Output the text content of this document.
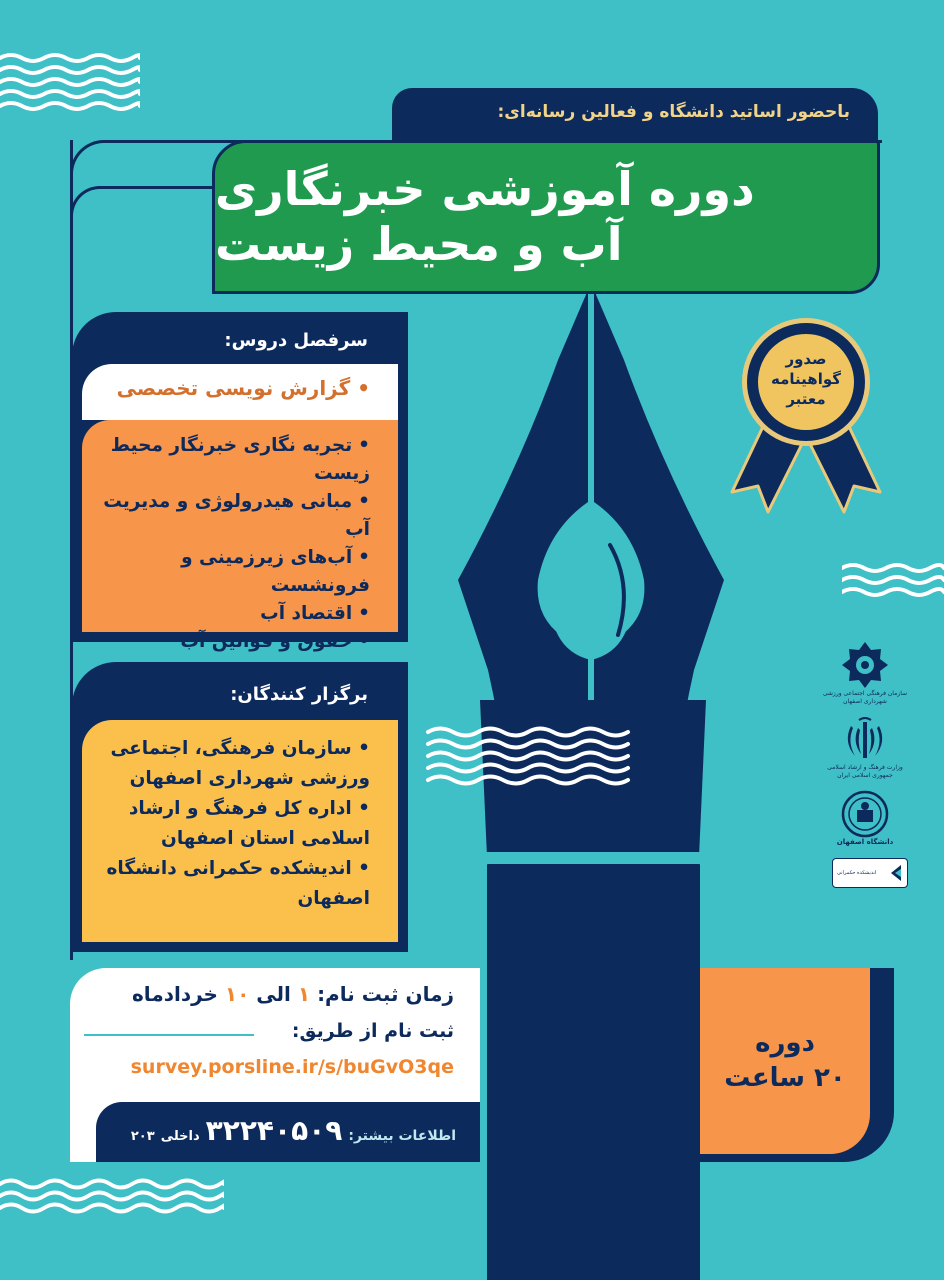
باحضور اساتید دانشگاه و فعالین رسانه‌ای:
دوره آموزشی خبرنگاری
آب و محیط زیست
سرفصل دروس:
• گزارش نویسی تخصصی
•تجربه نگاری خبرنگار محیط زیست
•مبانی هیدرولوژی و مدیریت آب
•آب‌های زیرزمینی و فرونشست
•اقتصاد آب
•حقوق و قوانین آب
برگزار کنندگان:
• سازمان فرهنگی، اجتماعی ورزشی شهرداری اصفهان
• اداره کل فرهنگ و ارشاد اسلامی استان اصفهان
• اندیشکده حکمرانی دانشگاه اصفهان
صدور
گواهینامه
معتبر
سازمان فرهنگی اجتماعی ورزشی شهرداری اصفهان
وزارت فرهنگ و ارشاد اسلامی جمهوری اسلامی ایران
دانشگاه اصفهان
اندیشکده حکمرانی
زمان ثبت نام: ۱ الی ۱۰ خردادماه
ثبت نام از طریق:
survey.porsline.ir/s/buGvO3qe
اطلاعات بیشتر:
۳۲۲۴۰۵۰۹
داخلی
۲۰۳
دوره
۲۰ ساعت
